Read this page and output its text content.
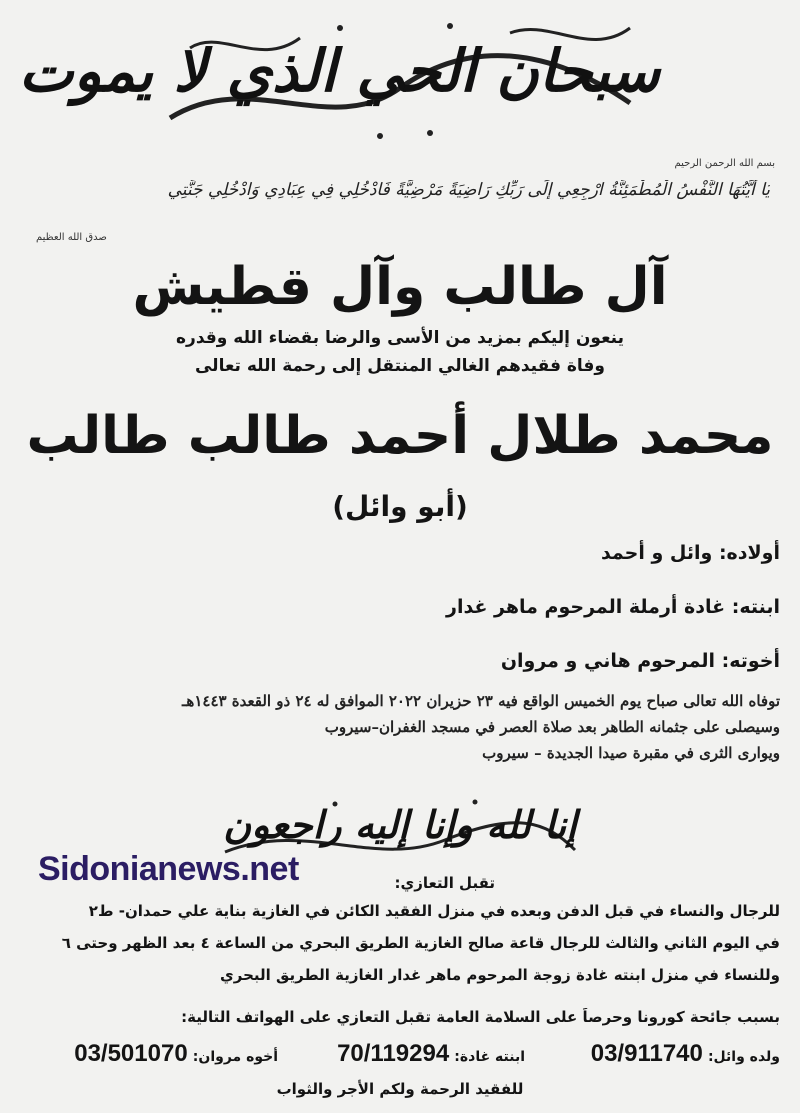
سبحان الحي الذي لا يموت
بسم الله الرحمن الرحيم
يَا أَيَّتُهَا النَّفْسُ الْمُطْمَئِنَّةُ ارْجِعِي إِلَى رَبِّكِ رَاضِيَةً مَرْضِيَّةً فَادْخُلِي فِي عِبَادِي وَادْخُلِي جَنَّتِي
صدق الله العظيم
آل طالب وآل قطيش
ينعون إليكم بمزيد من الأسى والرضا بقضاء الله وقدره
وفاة فقيدهم الغالي المنتقل إلى رحمة الله تعالى
محمد طلال أحمد طالب طالب
(أبو وائل)
أولاده: وائل و أحمد
ابنته: غادة أرملة المرحوم ماهر غدار
أخوته: المرحوم هاني و مروان
توفاه الله تعالى صباح يوم الخميس الواقع فيه ٢٣ حزيران ٢٠٢٢ الموافق له ٢٤ ذو القعدة ١٤٤٣هـ
وسيصلى على جثمانه الطاهر بعد صلاة العصر في مسجد الغفران–سيروب
ويوارى الثرى في مقبرة صيدا الجديدة – سيروب
إنا لله وإنا إليه راجعون
Sidonianews.net	تقبل التعازي:
للرجال والنساء في قبل الدفن وبعده في منزل الفقيد الكائن في الغازية بناية علي حمدان- ط٢
في اليوم الثاني والثالث للرجال قاعة صالح الغازية الطريق البحري من الساعة ٤ بعد الظهر وحتى ٦
وللنساء في منزل ابنته غادة زوجة المرحوم ماهر غدار الغازية الطريق البحري
بسبب جائحة كورونا وحرصاً على السلامة العامة تقبل التعازي على الهواتف التالية:
ولده وائل: 03/911740
ابنته غادة: 70/119294
أخوه مروان: 03/501070
للفقيد الرحمة ولكم الأجر والثواب
